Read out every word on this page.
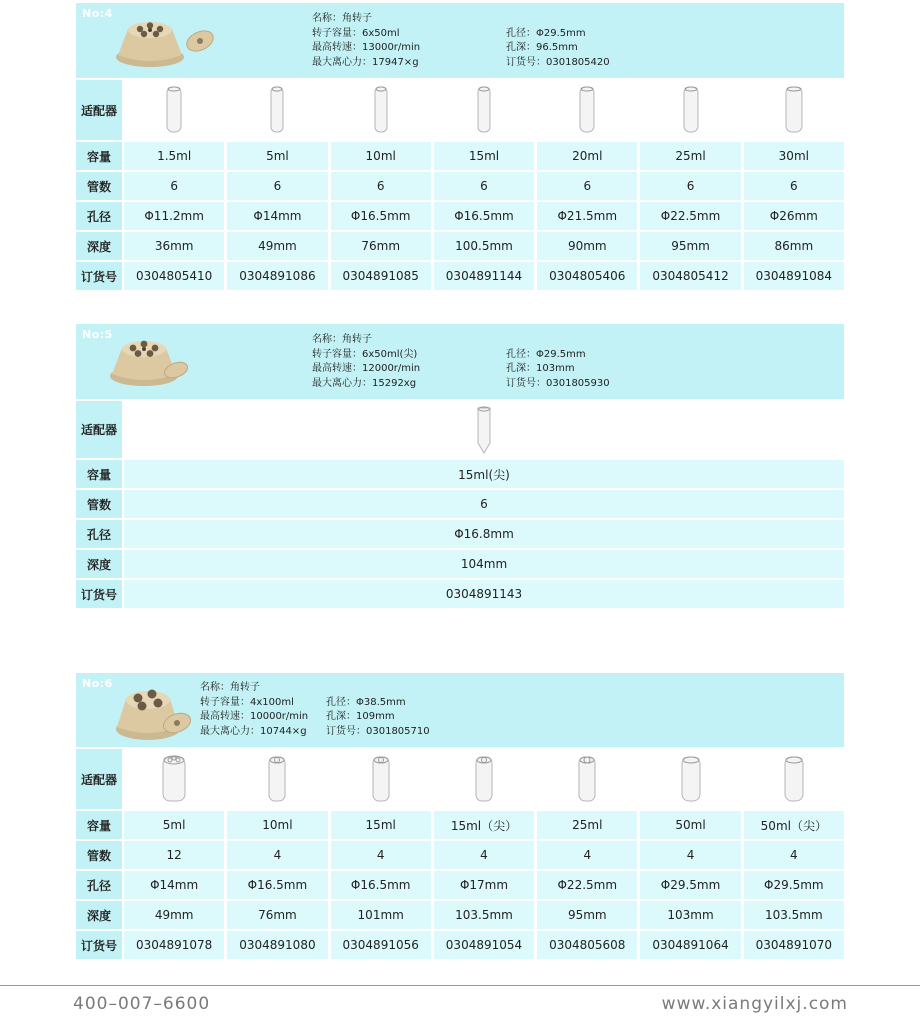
No:4	名称：角转子
转子容量：6x50ml
最高转速：13000r/min
最大离心力：17947×g
孔径：Φ29.5mm
孔深：96.5mm
订货号：0301805420
适配器
容量	1.5ml	5ml	10ml	15ml	20ml	25ml	30ml
管数	6	6	6	6	6	6	6
孔径	Φ11.2mm	Φ14mm	Φ16.5mm	Φ16.5mm	Φ21.5mm	Φ22.5mm	Φ26mm
深度	36mm	49mm	76mm	100.5mm	90mm	95mm	86mm
订货号	0304805410	0304891086	0304891085	0304891144	0304805406	0304805412	0304891084
No:5	名称：角转子
转子容量：6x50ml(尖)
最高转速：12000r/min
最大离心力：15292xg
孔径：Φ29.5mm
孔深：103mm
订货号：0301805930
适配器
容量	15ml(尖)
管数	6
孔径	Φ16.8mm
深度	104mm
订货号	0304891143
No:6	名称：角转子
转子容量：4x100ml
最高转速：10000r/min
最大离心力：10744×g
孔径：Φ38.5mm
孔深：109mm
订货号：0301805710
适配器
容量	5ml	10ml	15ml	15ml（尖）	25ml	50ml	50ml（尖）
管数	12	4	4	4	4	4	4
孔径	Φ14mm	Φ16.5mm	Φ16.5mm	Φ17mm	Φ22.5mm	Φ29.5mm	Φ29.5mm
深度	49mm	76mm	101mm	103.5mm	95mm	103mm	103.5mm
订货号	0304891078	0304891080	0304891056	0304891054	0304805608	0304891064	0304891070
400–007–6600	www.xiangyilxj.com
